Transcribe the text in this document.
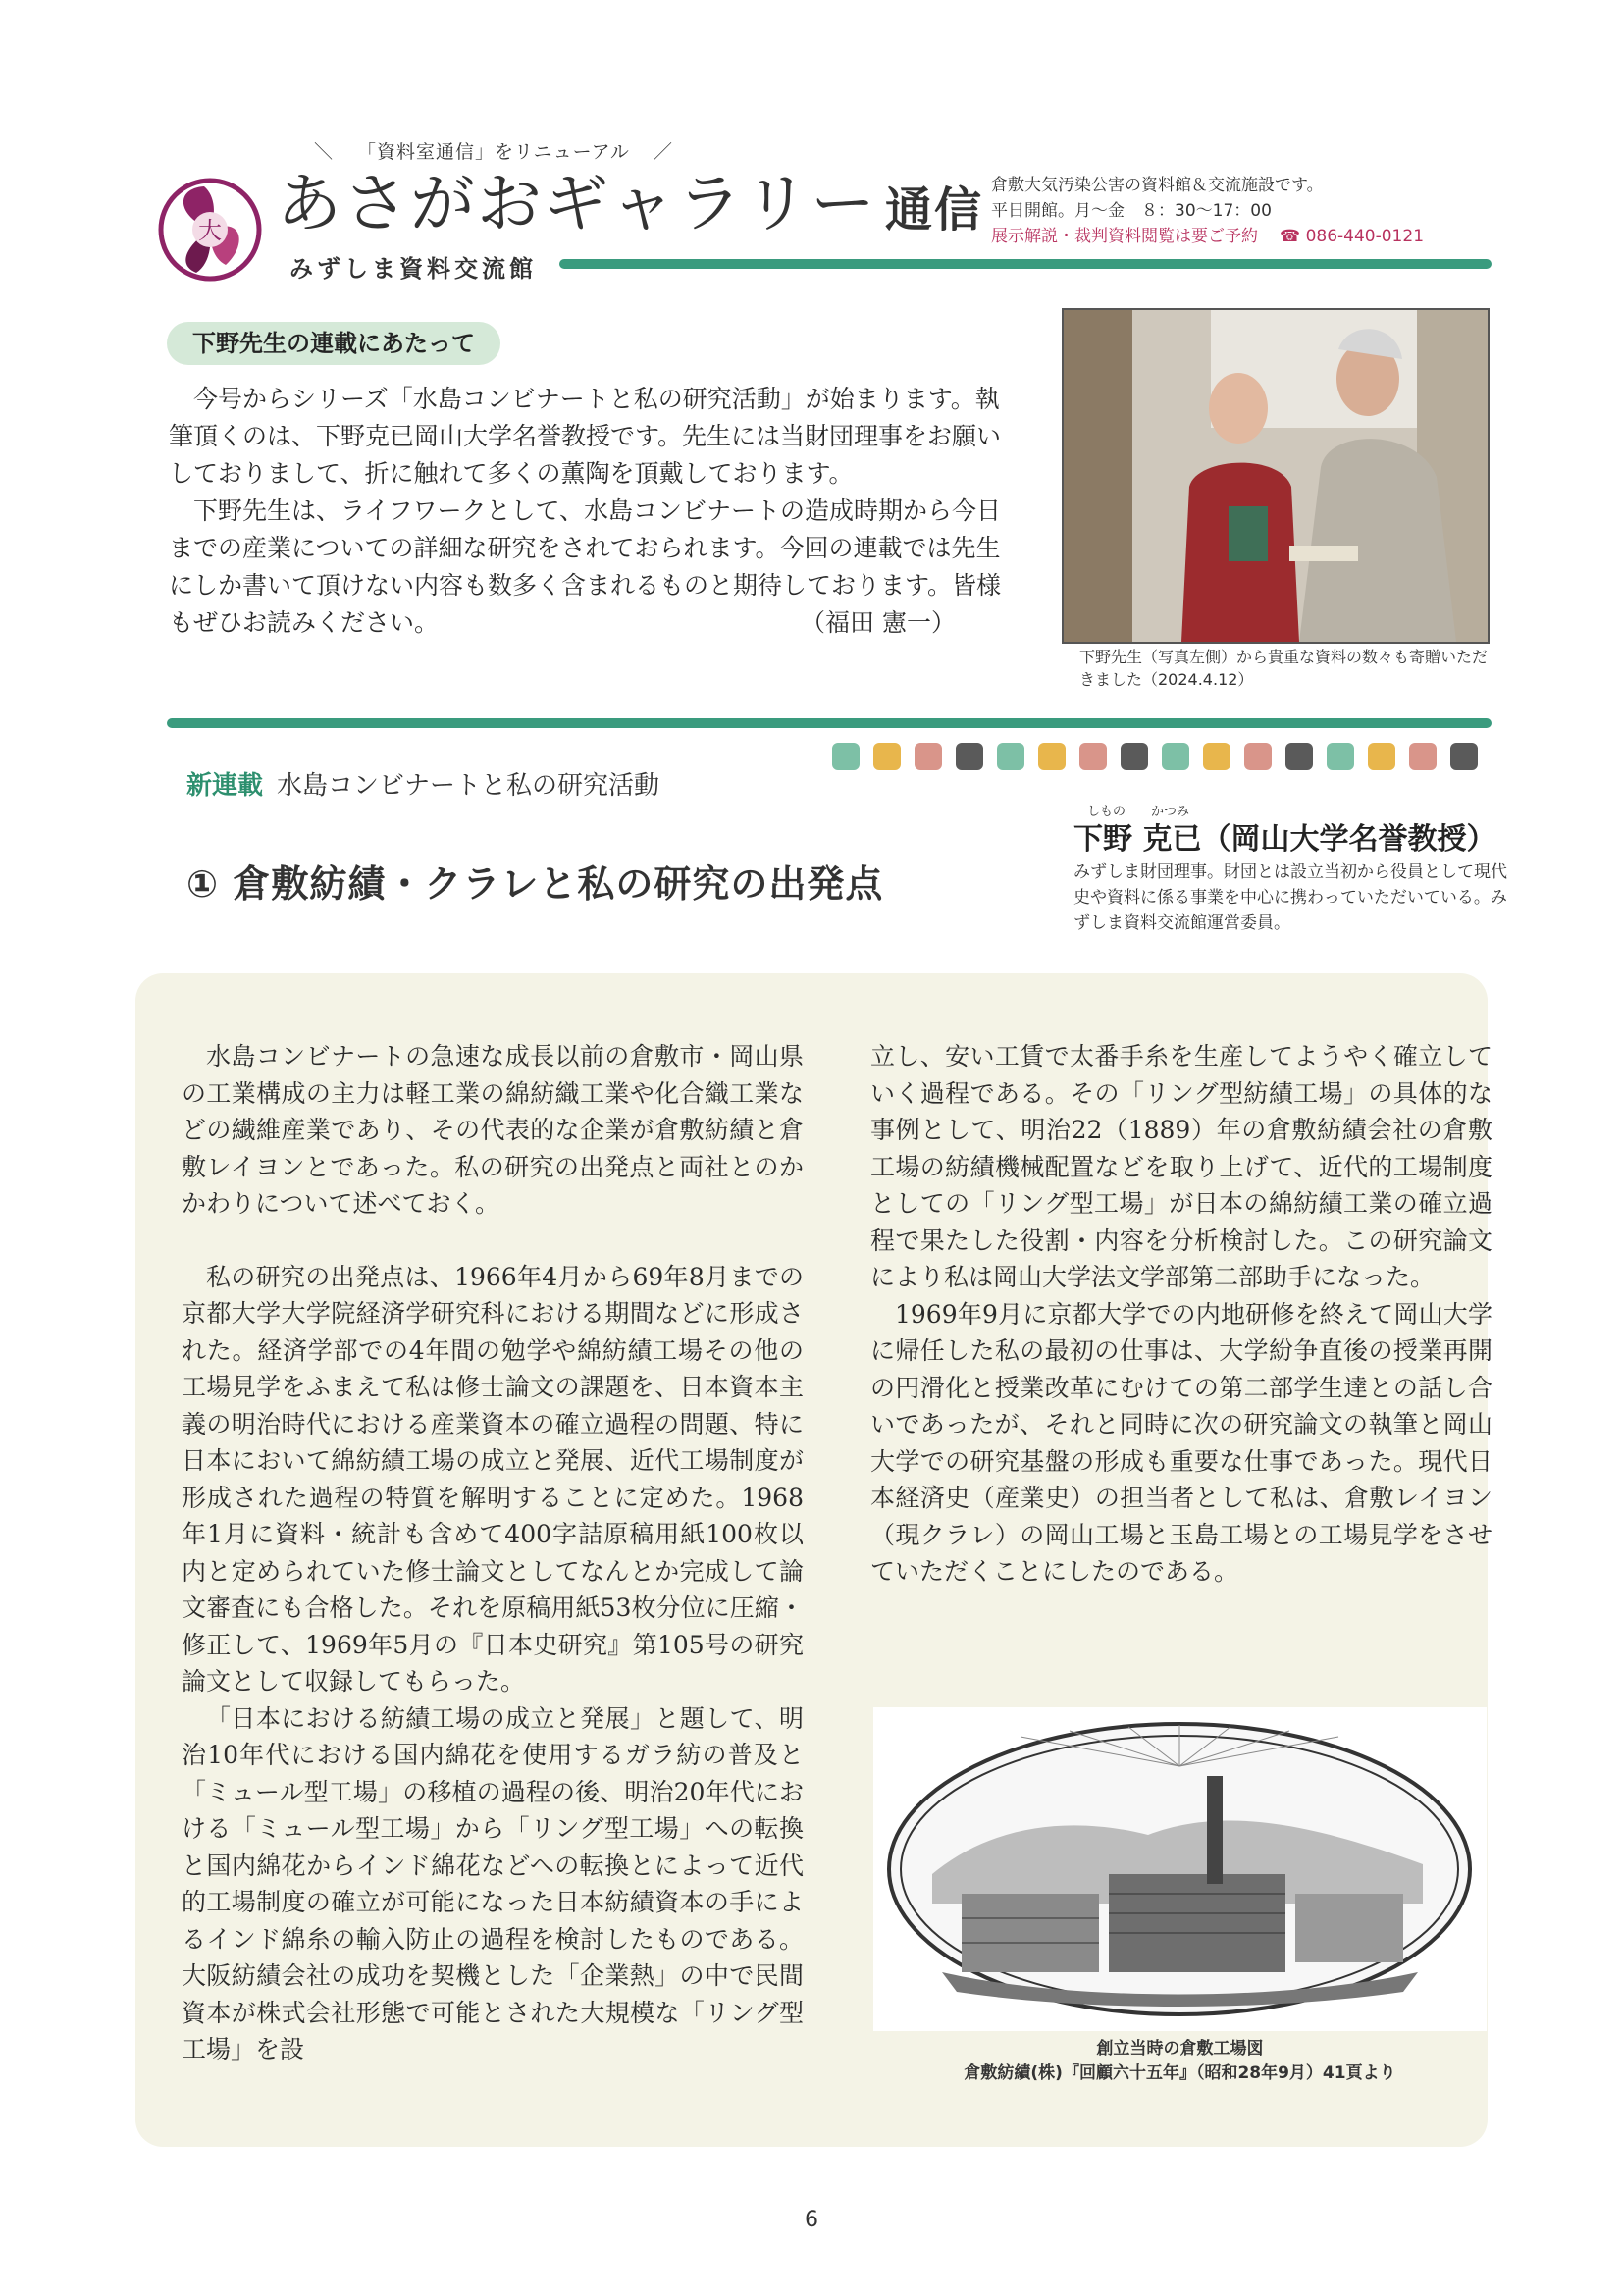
＼ 「資料室通信」をリニューアル ／
大 あさがおギャラリー 通信
みずしま資料交流館
倉敷大気汚染公害の資料館＆交流施設です。
平日開館。月～金　８：30～17：00
展示解説・裁判資料閲覧は要ご予約 ☎ 086-440-0121
下野先生の連載にあたって

今号からシリーズ「水島コンビナートと私の研究活動」が始まります。執筆頂くのは、下野克已岡山大学名誉教授です。先生には当財団理事をお願いしておりまして、折に触れて多くの薫陶を頂戴しております。

下野先生は、ライフワークとして、水島コンビナートの造成時期から今日までの産業についての詳細な研究をされておられます。今回の連載では先生にしか書いて頂けない内容も数多く含まれるものと期待しております。皆様もぜひお読みください。	（福田 憲一）

下野先生（写真左側）から貴重な資料の数々も寄贈いただきました（2024.4.12）
新連載 水島コンビナートと私の研究活動
① 倉敷紡績・クラレと私の研究の出発点
しもの　　かつみ
下野 克已（岡山大学名誉教授）
みずしま財団理事。財団とは設立当初から役員として現代史や資料に係る事業を中心に携わっていただいている。みずしま資料交流館運営委員。

水島コンビナートの急速な成長以前の倉敷市・岡山県の工業構成の主力は軽工業の綿紡織工業や化合織工業などの繊維産業であり、その代表的な企業が倉敷紡績と倉敷レイヨンとであった。私の研究の出発点と両社とのかかわりについて述べておく。

私の研究の出発点は、1966年4月から69年8月までの京都大学大学院経済学研究科における期間などに形成された。経済学部での4年間の勉学や綿紡績工場その他の工場見学をふまえて私は修士論文の課題を、日本資本主義の明治時代における産業資本の確立過程の問題、特に日本において綿紡績工場の成立と発展、近代工場制度が形成された過程の特質を解明することに定めた。1968年1月に資料・統計も含めて400字詰原稿用紙100枚以内と定められていた修士論文としてなんとか完成して論文審査にも合格した。それを原稿用紙53枚分位に圧縮・修正して、1969年5月の『日本史研究』第105号の研究論文として収録してもらった。

「日本における紡績工場の成立と発展」と題して、明治10年代における国内綿花を使用するガラ紡の普及と「ミュール型工場」の移植の過程の後、明治20年代における「ミュール型工場」から「リング型工場」への転換と国内綿花からインド綿花などへの転換とによって近代的工場制度の確立が可能になった日本紡績資本の手によるインド綿糸の輸入防止の過程を検討したものである。大阪紡績会社の成功を契機とした「企業熱」の中で民間資本が株式会社形態で可能とされた大規模な「リング型工場」を設

立し、安い工賃で太番手糸を生産してようやく確立していく過程である。その「リング型紡績工場」の具体的な事例として、明治22（1889）年の倉敷紡績会社の倉敷工場の紡績機械配置などを取り上げて、近代的工場制度としての「リング型工場」が日本の綿紡績工業の確立過程で果たした役割・内容を分析検討した。この研究論文により私は岡山大学法文学部第二部助手になった。

1969年9月に京都大学での内地研修を終えて岡山大学に帰任した私の最初の仕事は、大学紛争直後の授業再開の円滑化と授業改革にむけての第二部学生達との話し合いであったが、それと同時に次の研究論文の執筆と岡山大学での研究基盤の形成も重要な仕事であった。現代日本経済史（産業史）の担当者として私は、倉敷レイヨン（現クラレ）の岡山工場と玉島工場との工場見学をさせていただくことにしたのである。

創立当時の倉敷工場図
倉敷紡績(株)『回顧六十五年』（昭和28年9月）41頁より
6
